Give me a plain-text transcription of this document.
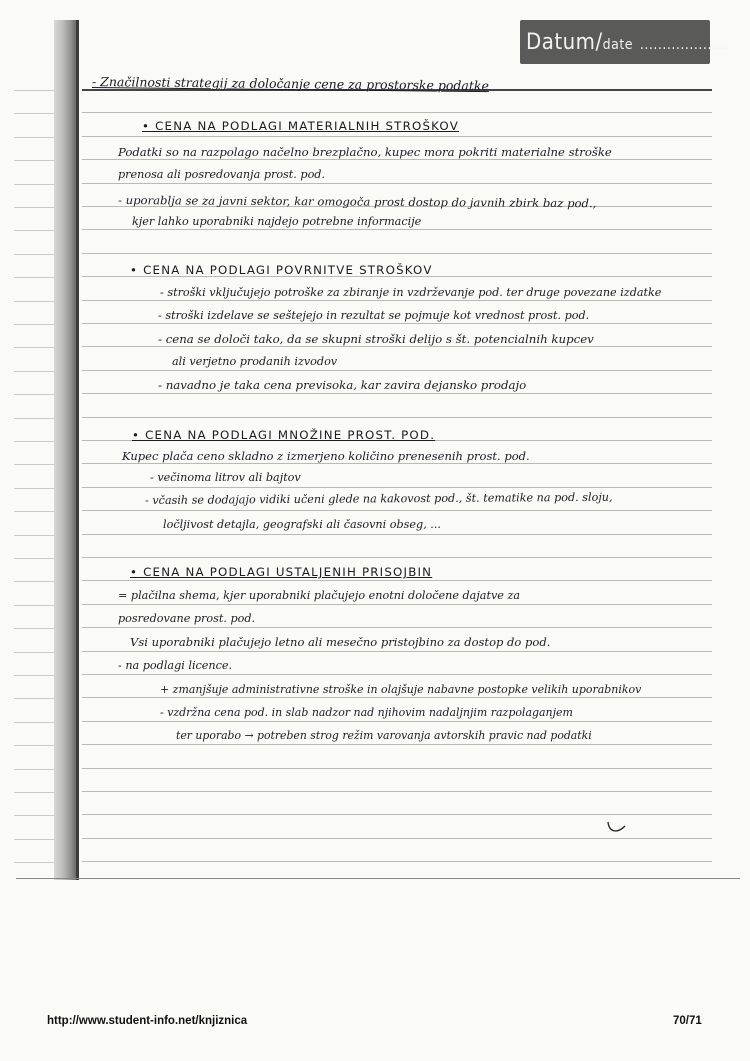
Datum/date ....................
- Značilnosti strategij za določanje cene za prostorske podatke
• CENA NA PODLAGI MATERIALNIH STROŠKOV
Podatki so na razpolago načelno brezplačno, kupec mora pokriti materialne stroške
prenosa ali posredovanja prost. pod.
- uporablja se za javni sektor, kar omogoča prost dostop do javnih zbirk baz pod.,
kjer lahko uporabniki najdejo potrebne informacije
• CENA NA PODLAGI POVRNITVE STROŠKOV
- stroški vključujejo potroške za zbiranje in vzdrževanje pod. ter druge povezane izdatke
- stroški izdelave se seštejejo in rezultat se pojmuje kot vrednost prost. pod.
- cena se določi tako, da se skupni stroški delijo s št. potencialnih kupcev
ali verjetno prodanih izvodov
- navadno je taka cena previsoka, kar zavira dejansko prodajo
• CENA NA PODLAGI MNOŽINE PROST. POD.
Kupec plača ceno skladno z izmerjeno količino prenesenih prost. pod.
- večinoma litrov ali bajtov
- včasih se dodajajo vidiki učeni glede na kakovost pod., št. tematike na pod. sloju,
ločljivost detajla, geografski ali časovni obseg, ...
• CENA NA PODLAGI USTALJENIH PRISOJBIN
= plačilna shema, kjer uporabniki plačujejo enotni določene dajatve za
posredovane prost. pod.
Vsi uporabniki plačujejo letno ali mesečno pristojbino za dostop do pod.
- na podlagi licence.
+ zmanjšuje administrativne stroške in olajšuje nabavne postopke velikih uporabnikov
- vzdržna cena pod. in slab nadzor nad njihovim nadaljnjim razpolaganjem
ter uporabo → potreben strog režim varovanja avtorskih pravic nad podatki
http://www.student-info.net/knjiznica	70/71
